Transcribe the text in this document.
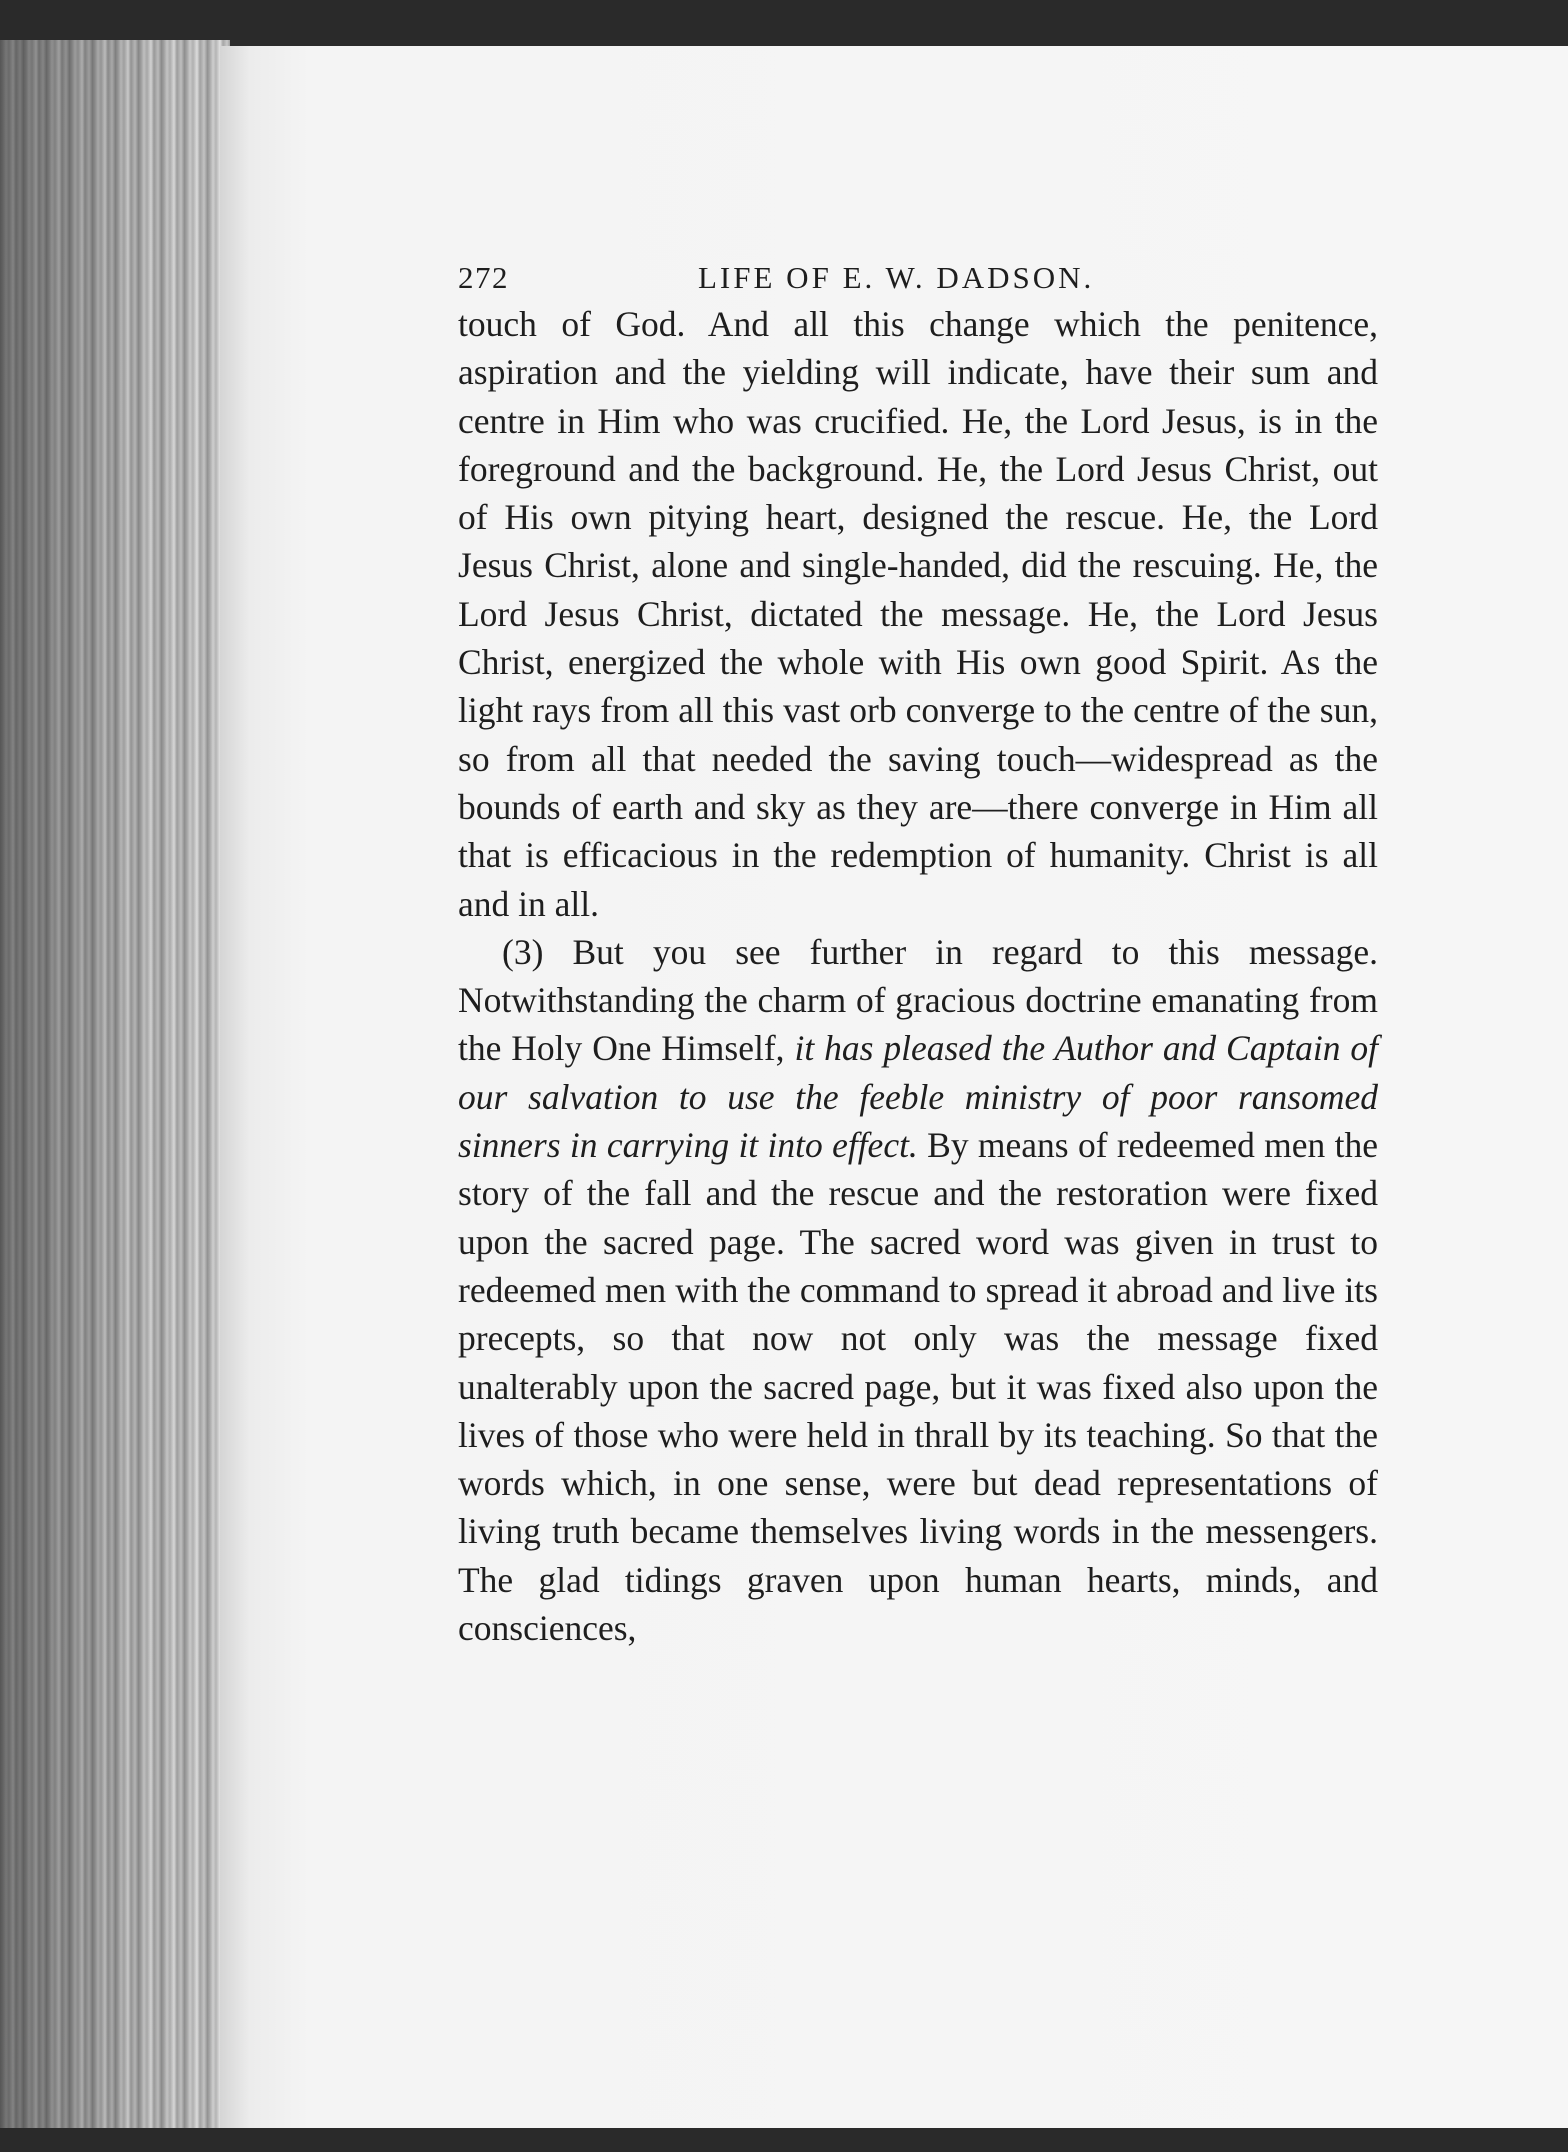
272	LIFE OF E. W. DADSON.

touch of God. And all this change which the penitence, aspiration and the yielding will indicate, have their sum and centre in Him who was crucified. He, the Lord Jesus, is in the foreground and the background. He, the Lord Jesus Christ, out of His own pitying heart, designed the rescue. He, the Lord Jesus Christ, alone and single-handed, did the rescuing. He, the Lord Jesus Christ, dictated the message. He, the Lord Jesus Christ, energized the whole with His own good Spirit. As the light rays from all this vast orb converge to the centre of the sun, so from all that needed the saving touch—widespread as the bounds of earth and sky as they are—there converge in Him all that is efficacious in the redemption of humanity. Christ is all and in all.

(3) But you see further in regard to this message. Notwithstanding the charm of gracious doctrine emanating from the Holy One Himself, it has pleased the Author and Captain of our salvation to use the feeble ministry of poor ransomed sinners in carrying it into effect. By means of redeemed men the story of the fall and the rescue and the restoration were fixed upon the sacred page. The sacred word was given in trust to redeemed men with the command to spread it abroad and live its precepts, so that now not only was the message fixed unalterably upon the sacred page, but it was fixed also upon the lives of those who were held in thrall by its teaching. So that the words which, in one sense, were but dead representations of living truth became themselves living words in the messengers. The glad tidings graven upon human hearts, minds, and consciences,
